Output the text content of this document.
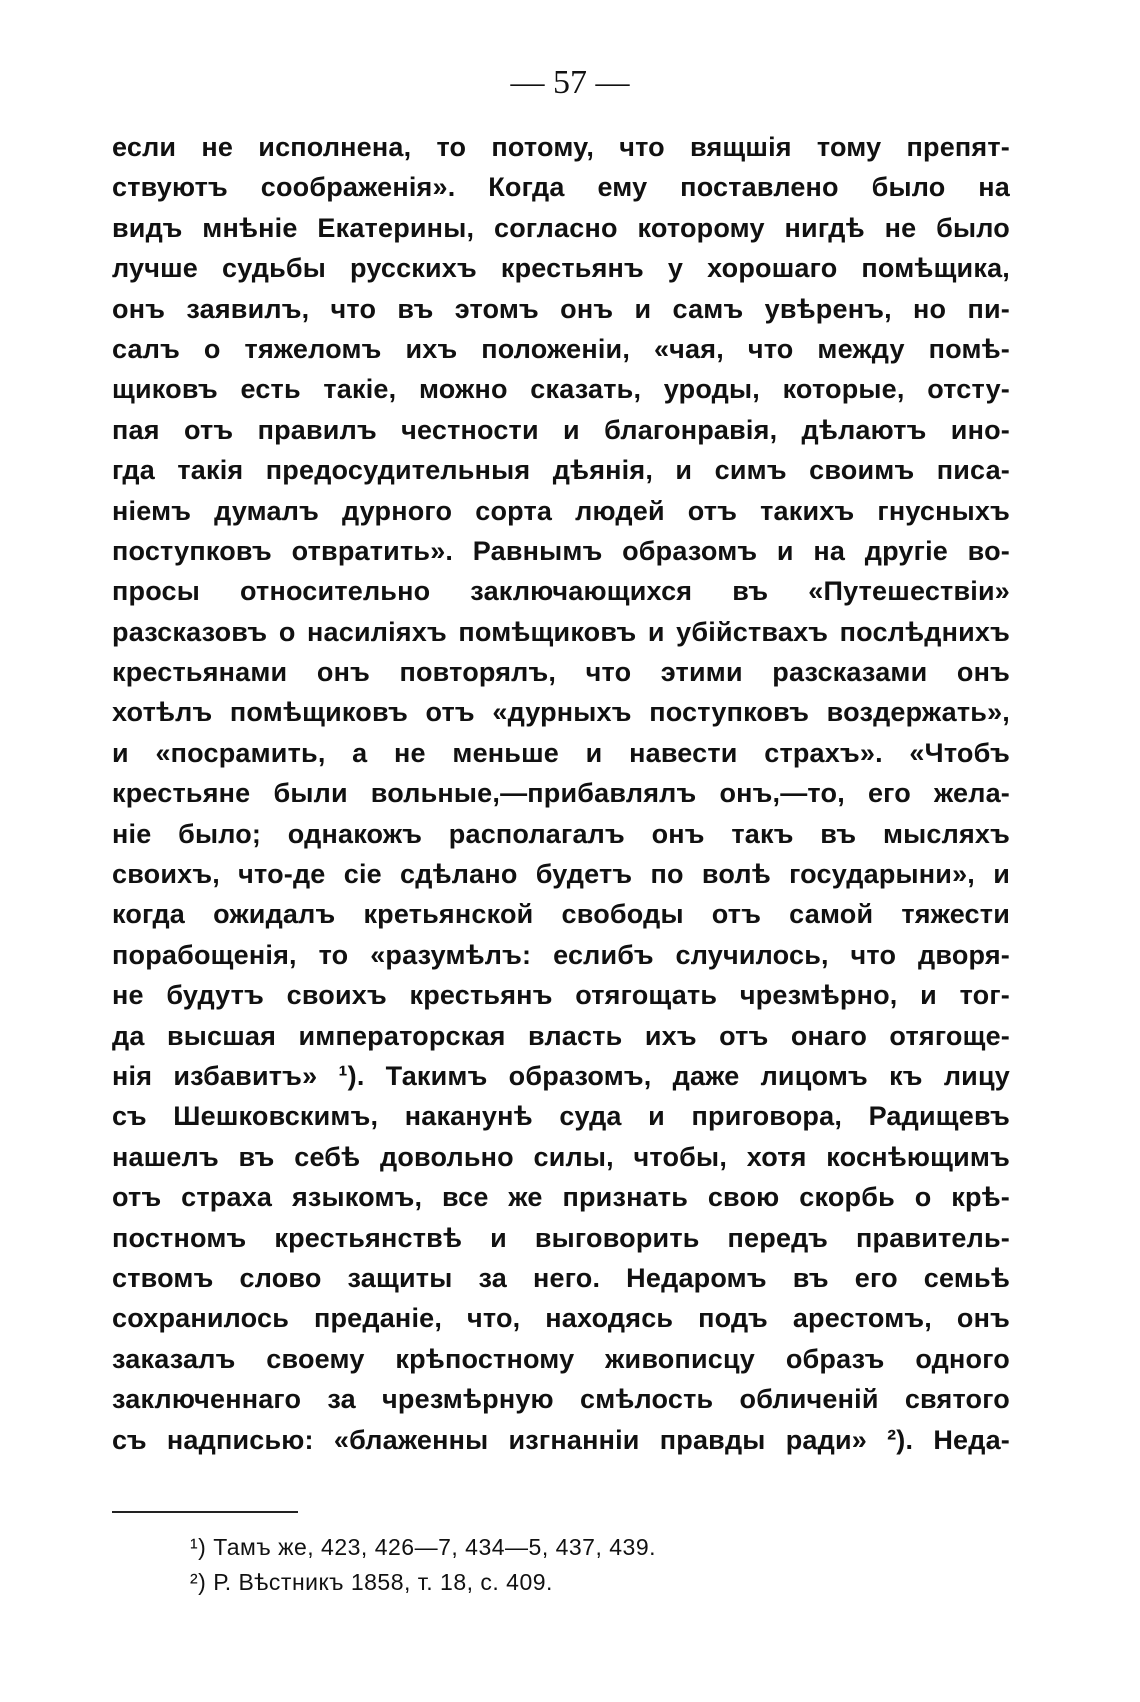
— 57 —
если не исполнена, то потому, что вящшія тому препят-
ствуютъ соображенія». Когда ему поставлено было на
видъ мнѣніе Екатерины, согласно которому нигдѣ не было
лучше судьбы русскихъ крестьянъ у хорошаго помѣщика,
онъ заявилъ, что въ этомъ онъ и самъ увѣренъ, но пи-
салъ о тяжеломъ ихъ положеніи, «чая, что между помѣ-
щиковъ есть такіе, можно сказать, уроды, которые, отсту-
пая отъ правилъ честности и благонравія, дѣлаютъ ино-
гда такія предосудительныя дѣянія, и симъ своимъ писа-
ніемъ думалъ дурного сорта людей отъ такихъ гнусныхъ
поступковъ отвратить». Равнымъ образомъ и на другіе во-
просы относительно заключающихся въ «Путешествіи»
разсказовъ о насиліяхъ помѣщиковъ и убійствахъ послѣднихъ
крестьянами онъ повторялъ, что этими разсказами онъ
хотѣлъ помѣщиковъ отъ «дурныхъ поступковъ воздержать»,
и «посрамить, а не меньше и навести страхъ». «Чтобъ
крестьяне были вольные,—прибавлялъ онъ,—то, его жела-
ніе было; однакожъ располагалъ онъ такъ въ мысляхъ
своихъ, что-де сіе сдѣлано будетъ по волѣ государыни», и
когда ожидалъ кретьянской свободы отъ самой тяжести
порабощенія, то «разумѣлъ: еслибъ случилось, что дворя-
не будутъ своихъ крестьянъ отягощать чрезмѣрно, и тог-
да высшая императорская власть ихъ отъ онаго отягоще-
нія избавитъ» ¹). Такимъ образомъ, даже лицомъ къ лицу
съ Шешковскимъ, наканунѣ суда и приговора, Радищевъ
нашелъ въ себѣ довольно силы, чтобы, хотя коснѣющимъ
отъ страха языкомъ, все же признать свою скорбь о крѣ-
постномъ крестьянствѣ и выговорить передъ правитель-
ствомъ слово защиты за него. Недаромъ въ его семьѣ
сохранилось преданіе, что, находясь подъ арестомъ, онъ
заказалъ своему крѣпостному живописцу образъ одного
заключеннаго за чрезмѣрную смѣлость обличеній святого
съ надписью: «блаженны изгнанніи правды ради» ²). Неда-
¹) Тамъ же, 423, 426—7, 434—5, 437, 439.
²) Р. Вѣстникъ 1858, т. 18, с. 409.
